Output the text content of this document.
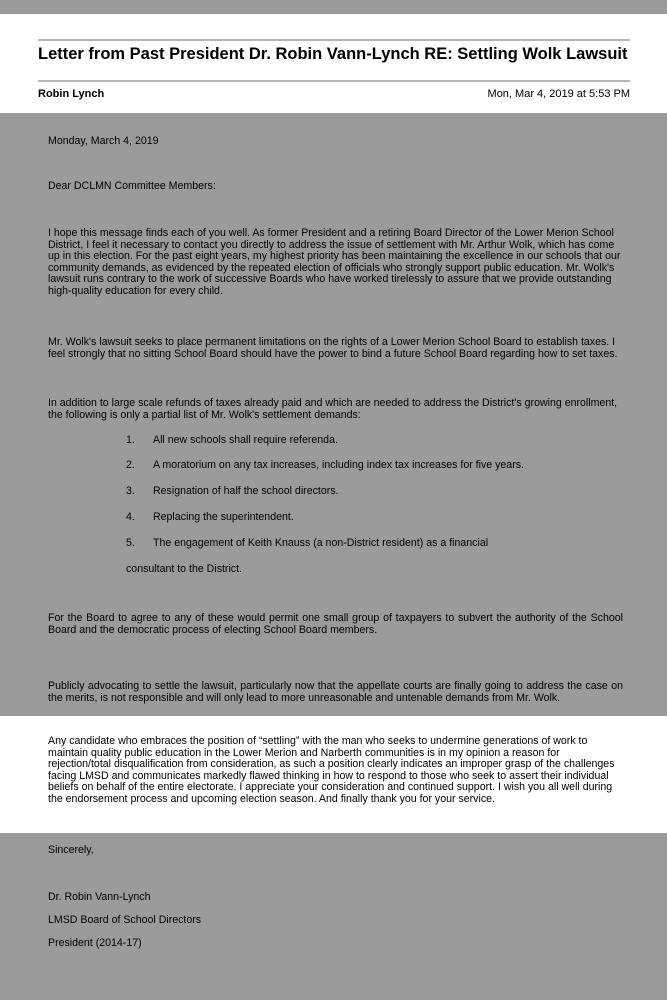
Letter from Past President Dr. Robin Vann-Lynch RE: Settling Wolk Lawsuit
Robin Lynch	Mon, Mar 4, 2019 at 5:53 PM

Monday, March 4, 2019

Dear DCLMN Committee Members:

I hope this message finds each of you well. As former President and a retiring Board Director of the Lower Merion School District, I feel it necessary to contact you directly to address the issue of settlement with Mr. Arthur Wolk, which has come up in this election. For the past eight years, my highest priority has been maintaining the excellence in our schools that our community demands, as evidenced by the repeated election of officials who strongly support public education. Mr. Wolk's lawsuit runs contrary to the work of successive Boards who have worked tirelessly to assure that we provide outstanding high-quality education for every child.

Mr. Wolk's lawsuit seeks to place permanent limitations on the rights of a Lower Merion School Board to establish taxes. I feel strongly that no sitting School Board should have the power to bind a future School Board regarding how to set taxes.

In addition to large scale refunds of taxes already paid and which are needed to address the District's growing enrollment, the following is only a partial list of Mr. Wolk's settlement demands:

1. All new schools shall require referenda.
2. A moratorium on any tax increases, including index tax increases for five years.
3. Resignation of half the school directors.
4. Replacing the superintendent.
5. The engagement of Keith Knauss (a non-District resident) as a financial
consultant to the District.

For the Board to agree to any of these would permit one small group of taxpayers to subvert the authority of the School Board and the democratic process of electing School Board members.

Publicly advocating to settle the lawsuit, particularly now that the appellate courts are finally going to address the case on the merits, is not responsible and will only lead to more unreasonable and untenable demands from Mr. Wolk.

Any candidate who embraces the position of “settling” with the man who seeks to undermine generations of work to maintain quality public education in the Lower Merion and Narberth communities is in my opinion a reason for rejection/total disqualification from consideration, as such a position clearly indicates an improper grasp of the challenges facing LMSD and communicates markedly flawed thinking in how to respond to those who seek to assert their individual beliefs on behalf of the entire electorate. I appreciate your consideration and continued support. I wish you all well during the endorsement process and upcoming election season. And finally thank you for your service.

Sincerely,

Dr. Robin Vann-Lynch

LMSD Board of School Directors

President (2014-17)
